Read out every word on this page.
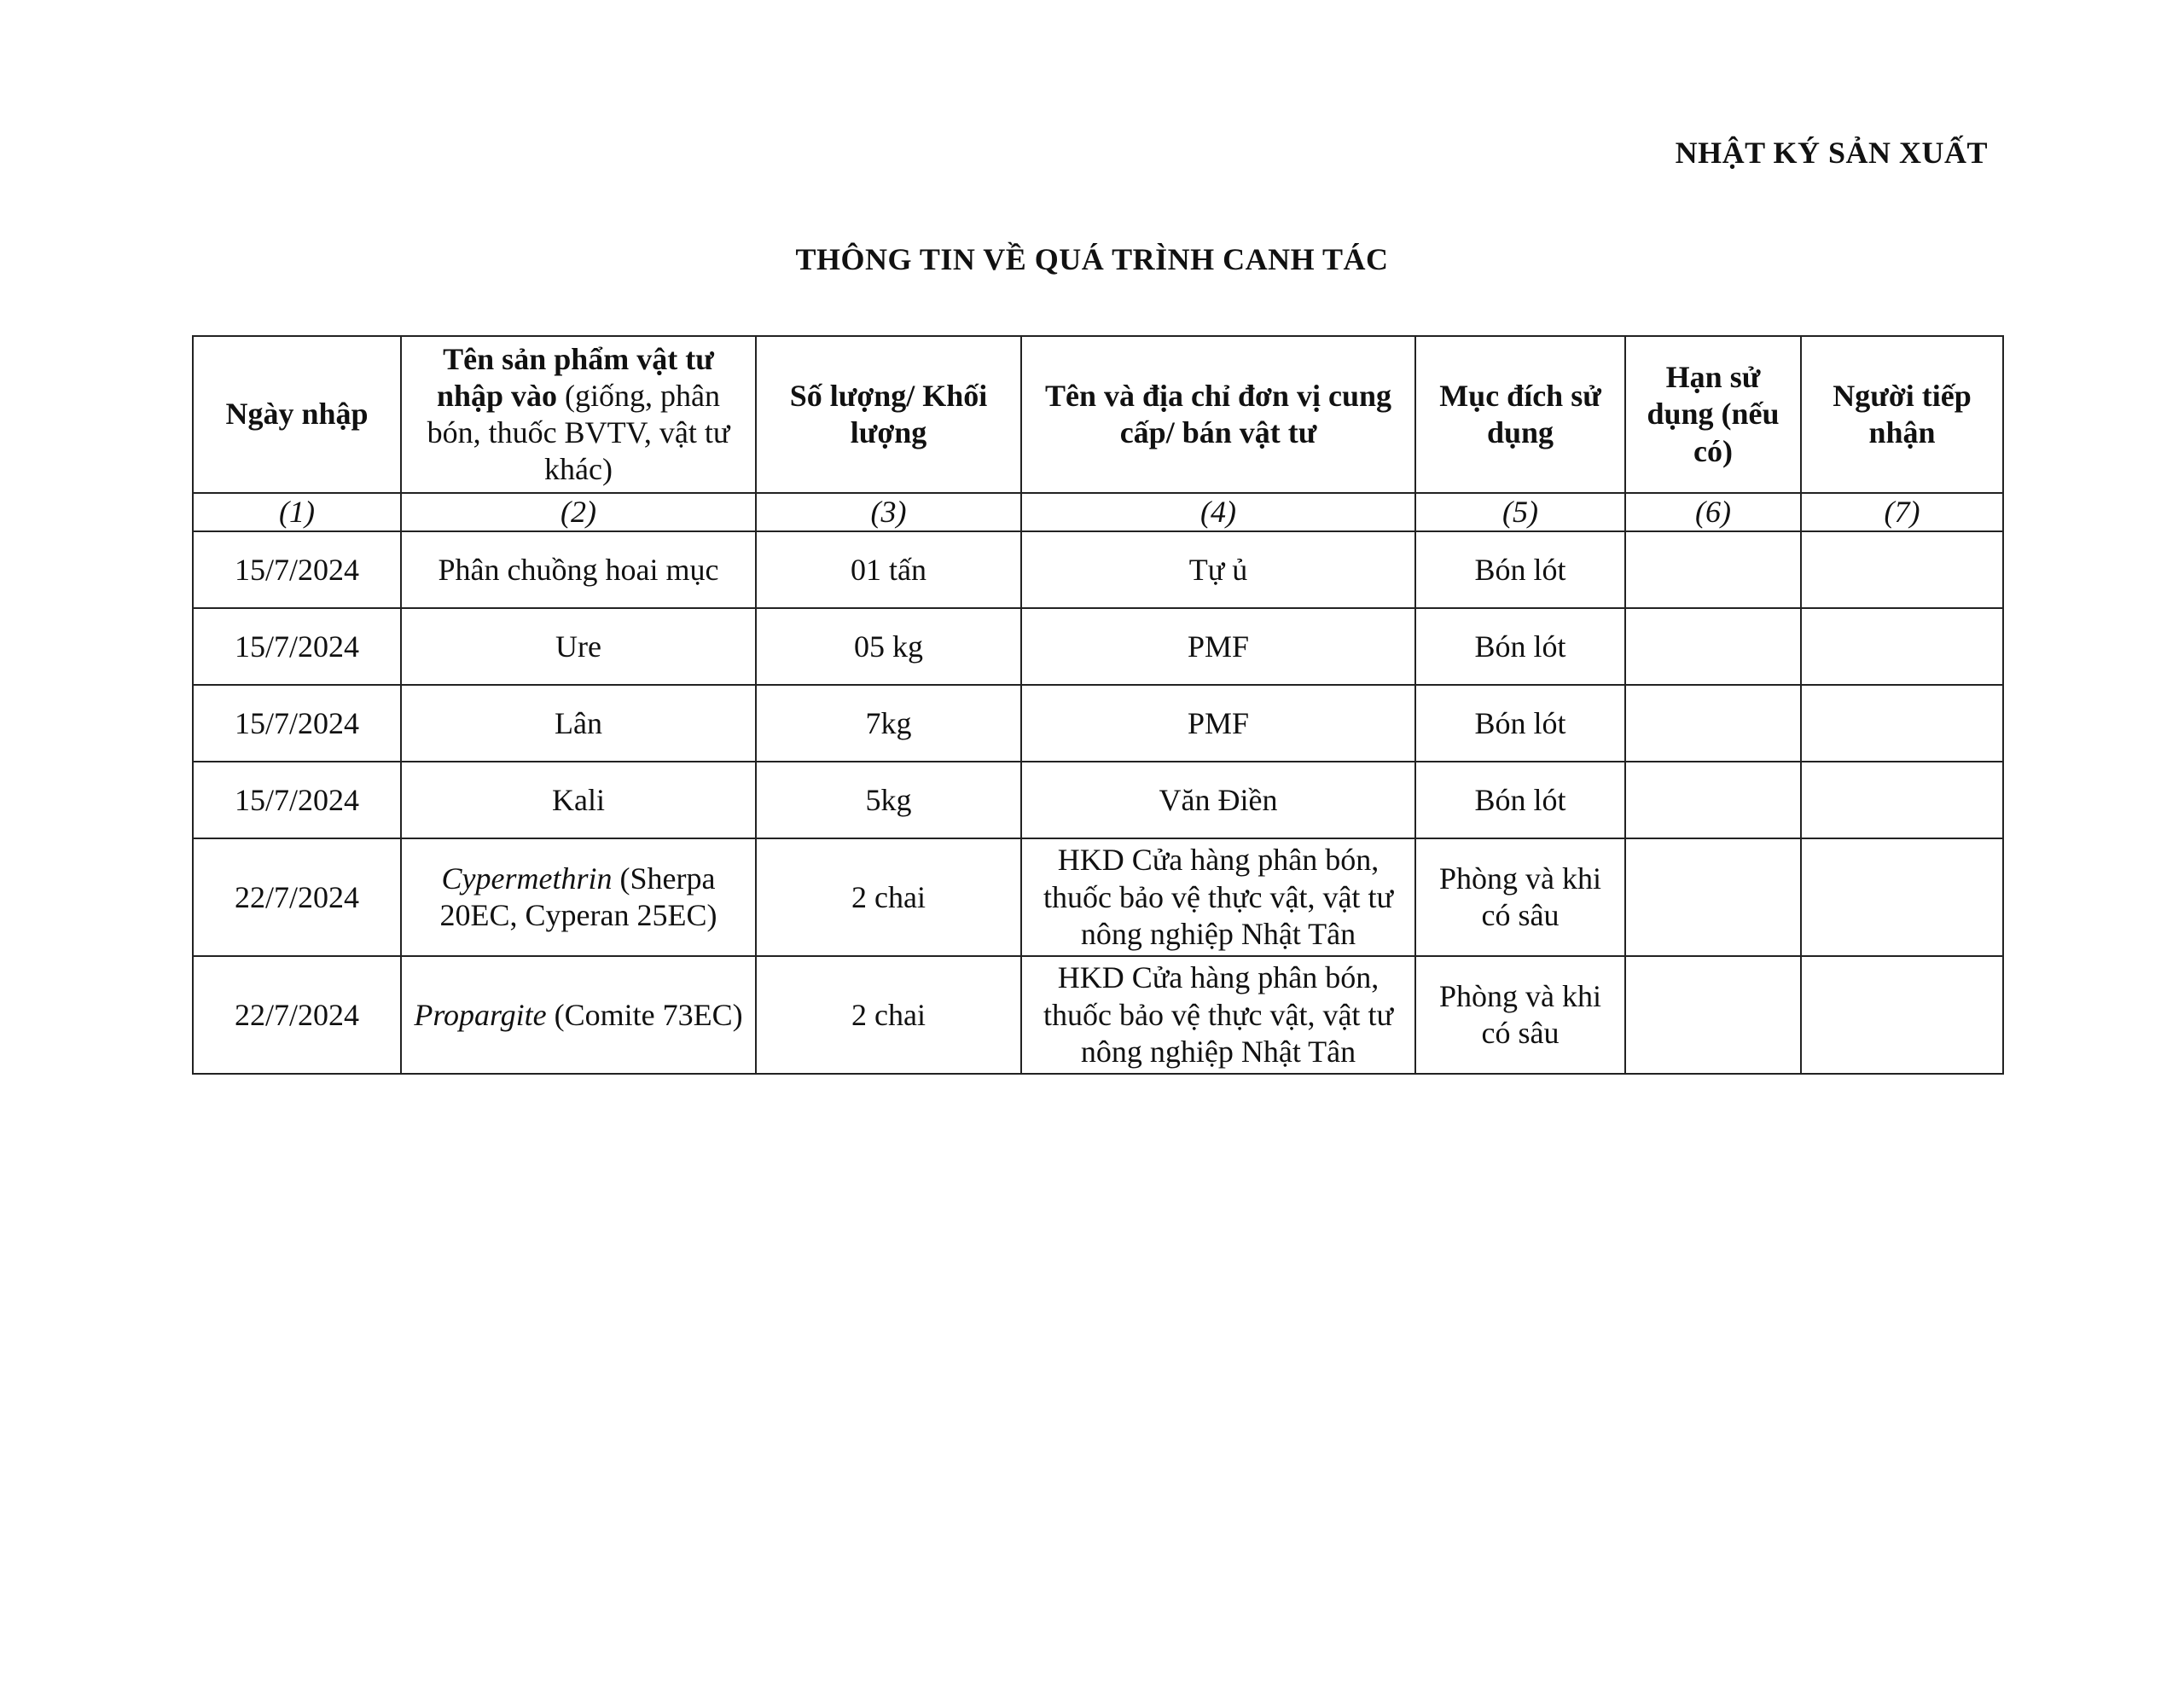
NHẬT KÝ SẢN XUẤT
THÔNG TIN VỀ QUÁ TRÌNH CANH TÁC
Ngày nhập	Tên sản phẩm vật tư nhập vào (giống, phân bón, thuốc BVTV, vật tư khác)	Số lượng/ Khối lượng	Tên và địa chỉ đơn vị cung cấp/ bán vật tư	Mục đích sử dụng	Hạn sử dụng (nếu có)	Người tiếp nhận
(1)	(2)	(3)	(4)	(5)	(6)	(7)
15/7/2024	Phân chuồng hoai mục	01 tấn	Tự ủ	Bón lót		
15/7/2024	Ure	05 kg	PMF	Bón lót		
15/7/2024	Lân	7kg	PMF	Bón lót		
15/7/2024	Kali	5kg	Văn Điền	Bón lót		
22/7/2024	Cypermethrin (Sherpa 20EC, Cyperan 25EC)	2 chai	HKD Cửa hàng phân bón, thuốc bảo vệ thực vật, vật tư nông nghiệp Nhật Tân	Phòng và khi có sâu		
22/7/2024	Propargite (Comite 73EC)	2 chai	HKD Cửa hàng phân bón, thuốc bảo vệ thực vật, vật tư nông nghiệp Nhật Tân	Phòng và khi có sâu		
